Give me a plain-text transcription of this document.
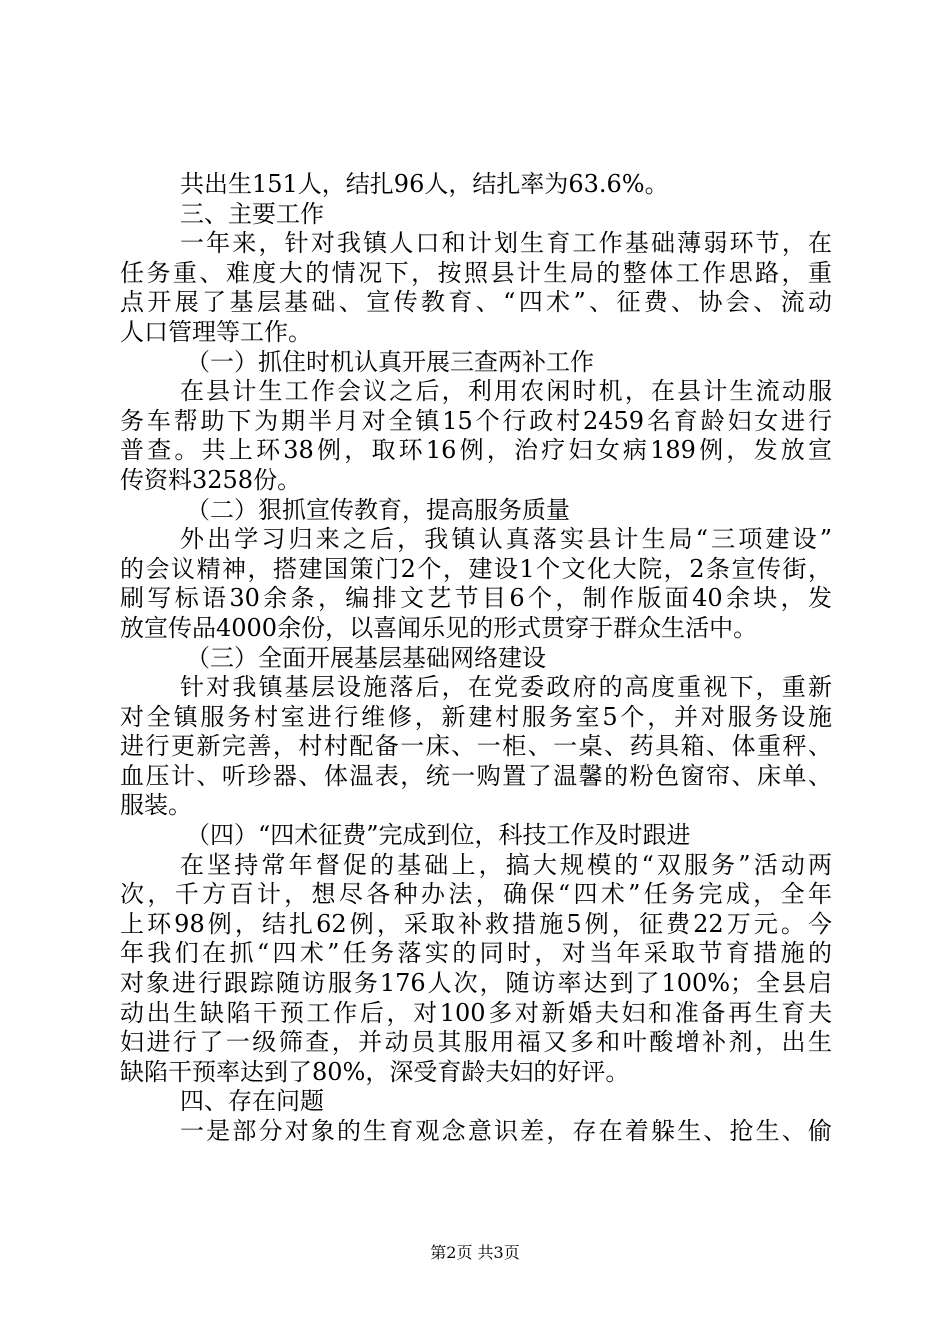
共出生151人，结扎96人，结扎率为63.6%。
三、主要工作
一年来，针对我镇人口和计划生育工作基础薄弱环节，在
任务重、难度大的情况下，按照县计生局的整体工作思路，重
点开展了基层基础、宣传教育、“四术”、征费、协会、流动
人口管理等工作。
（一）抓住时机认真开展三查两补工作
在县计生工作会议之后，利用农闲时机，在县计生流动服
务车帮助下为期半月对全镇15个行政村2459名育龄妇女进行
普查。共上环38例，取环16例，治疗妇女病189例，发放宣
传资料3258份。
（二）狠抓宣传教育，提高服务质量
外出学习归来之后，我镇认真落实县计生局“三项建设”
的会议精神，搭建国策门2个，建设1个文化大院，2条宣传街，
刷写标语30余条，编排文艺节目6个，制作版面40余块，发
放宣传品4000余份，以喜闻乐见的形式贯穿于群众生活中。
（三）全面开展基层基础网络建设
针对我镇基层设施落后，在党委政府的高度重视下，重新
对全镇服务村室进行维修，新建村服务室5个，并对服务设施
进行更新完善，村村配备一床、一柜、一桌、药具箱、体重秤、
血压计、听珍器、体温表，统一购置了温馨的粉色窗帘、床单、
服装。
（四）“四术征费”完成到位，科技工作及时跟进
在坚持常年督促的基础上，搞大规模的“双服务”活动两
次，千方百计，想尽各种办法，确保“四术”任务完成，全年
上环98例，结扎62例，采取补救措施5例，征费22万元。今
年我们在抓“四术”任务落实的同时，对当年采取节育措施的
对象进行跟踪随访服务176人次，随访率达到了100%；全县启
动出生缺陷干预工作后，对100多对新婚夫妇和准备再生育夫
妇进行了一级筛查，并动员其服用福又多和叶酸增补剂，出生
缺陷干预率达到了80%，深受育龄夫妇的好评。
四、存在问题
一是部分对象的生育观念意识差，存在着躲生、抢生、偷
第2页 共3页
